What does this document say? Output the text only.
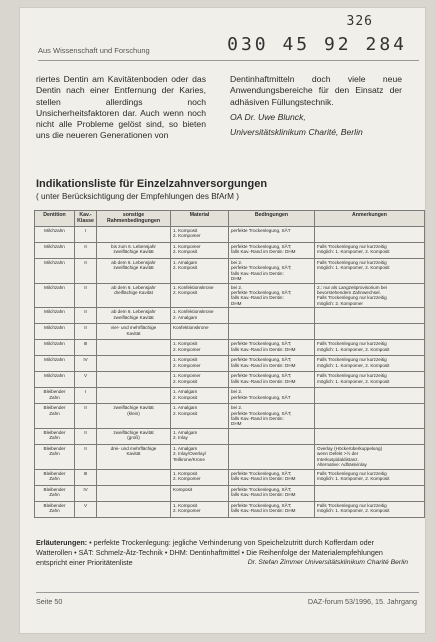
326
030 45 92 284
Aus Wissenschaft und Forschung

riertes Dentin am Kavitätenboden oder das Dentin nach einer Entfernung der Karies, stellen allerdings noch Unsicherheitsfaktoren dar. Auch wenn noch nicht alle Probleme gelöst sind, so bieten uns die neueren Generationen von

Dentinhaftmitteln doch viele neue Anwendungsbereiche für den Einsatz der adhäsiven Füllungstechnik.

OA Dr. Uwe Blunck,

Universitätsklinikum Charité, Berlin

Indikationsliste für Einzelzahnversorgungen
( unter Berücksichtigung der Empfehlungen des BfArM )
Dentition	Kav.-Klasse	sonstige Rahmenbedingungen	Material	Bedingungen	Anmerkungen
Milchzahn	I		1. Komposit
2. Kompomer	perfekte Trockenlegung, SÄT	
Milchzahn	II	bis zum 6. Lebensjahr
zweiflächige Kavität	1. Kompomer
2. Komposit	perfekte Trockenlegung, SÄT;
falls Kav.-Rand im Dentin: DHM	Falls Trockenlegung nur kurzzeitig
möglich: 1. Kompomer, 2. Komposit
Milchzahn	II	ab dem 6. Lebensjahr
zweiflächige Kavität	1. Amalgam
2. Komposit	bei 2.
perfekte Trockenlegung, SÄT;
falls Kav.-Rand im Dentin:
DHM	Falls Trockenlegung nur kurzzeitig
möglich: 1. Kompomer, 2. Komposit
Milchzahn	II	ab dem 6. Lebensjahr
dreiflächige Kavität	1. Konfektionskrone
2. Komposit	bei 2.
perfekte Trockenlegung, SÄT;
falls Kav.-Rand im Dentin:
DHM	2.: nur als Langzeitprovisorium bei
bevorstehendem Zahnwechsel.
Falls Trockenlegung nur kurzzeitig
möglich: 2. Kompomer
Milchzahn	II	ab dem 6. Lebensjahr
zweiflächige Kavität	1. Konfektionskrone
2. Amalgam		
Milchzahn	II	vier- und mehrflächige
Kavität	Konfektionskrone		
Milchzahn	III		1. Komposit
2. Kompomer	perfekte Trockenlegung, SÄT;
falls Kav.-Rand im Dentin: DHM	Falls Trockenlegung nur kurzzeitig
möglich: 1. Kompomer, 2. Komposit
Milchzahn	IV		1. Komposit
2. Kompomer	perfekte Trockenlegung, SÄT;
falls Kav.-Rand im Dentin: DHM	Falls Trockenlegung nur kurzzeitig
möglich: 1. Kompomer, 2. Komposit
Milchzahn	V		1. Kompomer
2. Komposit	perfekte Trockenlegung, SÄT;
falls Kav.-Rand im Dentin: DHM	Falls Trockenlegung nur kurzzeitig
möglich: 1. Kompomer, 2. Komposit
Bleibender
Zahn	I		1. Amalgam
2. Komposit	bei 2.
perfekte Trockenlegung, SÄT	
Bleibender
Zahn	II	zweiflächige Kavität
(klein)	1. Amalgam
2. Komposit	bei 2.
perfekte Trockenlegung, SÄT;
falls Kav.-Rand im Dentin:
DHM	
Bleibender
Zahn	II	zweiflächige Kavität
(groß)	1. Amalgam
2. Inlay		
Bleibender
Zahn	II	drei- und mehrflächige
Kavität	1. Amalgam
2. Inlay/Overlay/
Teilkrone/Krone		Overlay (Höckerüberkuppelung)
wenn Defekt >½ der
Interkuspidaldistanz.
Alternative: Adhäsivinlay
Bleibender
Zahn	III		1. Komposit
2. Kompomer	perfekte Trockenlegung, SÄT;
falls Kav.-Rand im Dentin: DHM	Falls Trockenlegung nur kurzzeitig
möglich: 1. Kompomer, 2. Komposit
Bleibender
Zahn	IV		Komposit	perfekte Trockenlegung, SÄT;
falls Kav.-Rand im Dentin: DHM	
Bleibender
Zahn	V		1. Komposit
2. Kompomer	perfekte Trockenlegung, SÄT;
falls Kav.-Rand im Dentin: DHM	Falls Trockenlegung nur kurzzeitig
möglich: 1. Kompomer, 2. Komposit
Erläuterungen: • perfekte Trockenlegung: jegliche Verhinderung von Speichelzutritt durch Kofferdam oder Watterollen • SÄT: Schmelz-Ätz-Technik • DHM: Dentinhaftmittel • Die Reihenfolge der Materialempfehlungen entspricht einer Prioritätenliste	Dr. Stefan Zimmer Universitätsklinikum Charité Berlin
Seite 50	DAZ-forum 53/1996, 15. Jahrgang
